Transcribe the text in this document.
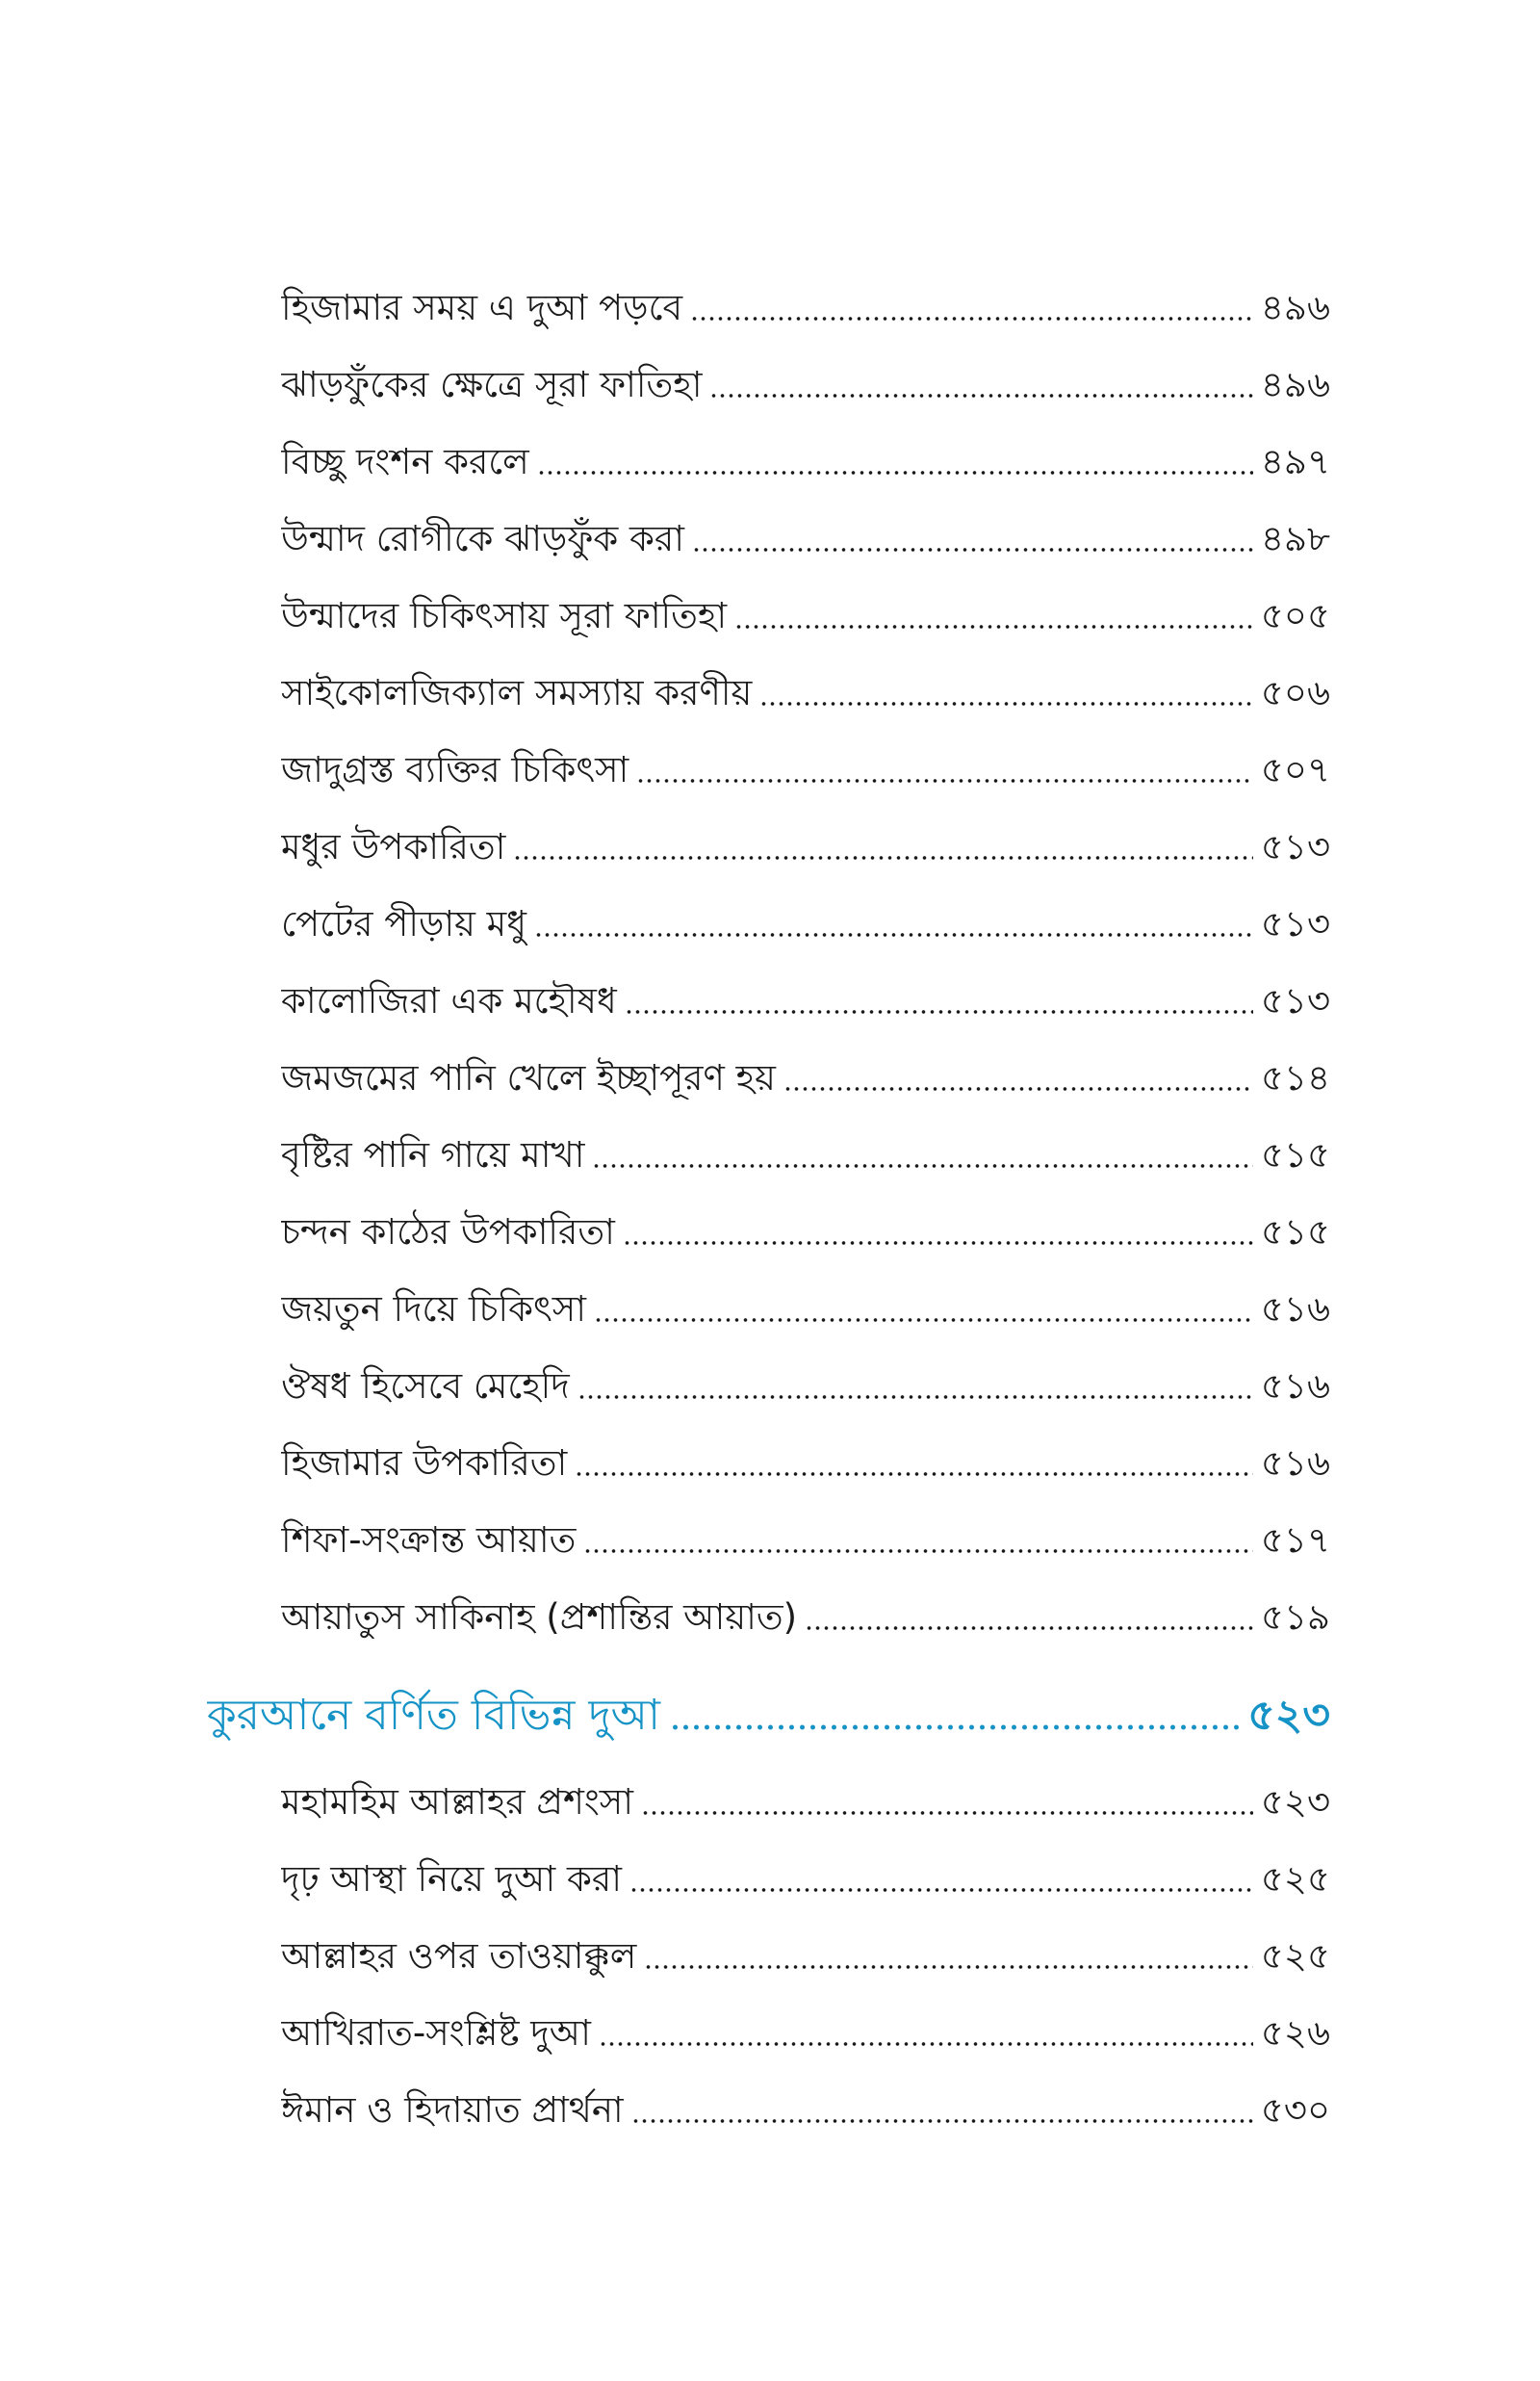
হিজামার সময় এ দুআ পড়বে	৪৯৬
ঝাড়ফুঁকের ক্ষেত্রে সূরা ফাতিহা	৪৯৬
বিচ্ছু দংশন করলে	৪৯৭
উন্মাদ রোগীকে ঝাড়ফুঁক করা	৪৯৮
উন্মাদের চিকিৎসায় সূরা ফাতিহা	৫০৫
সাইকোলজিক্যাল সমস্যায় করণীয়	৫০৬
জাদুগ্রস্ত ব্যক্তির চিকিৎসা	৫০৭
মধুর উপকারিতা	৫১৩
পেটের পীড়ায় মধু	৫১৩
কালোজিরা এক মহৌষধ	৫১৩
জমজমের পানি খেলে ইচ্ছাপূরণ হয়	৫১৪
বৃষ্টির পানি গায়ে মাখা	৫১৫
চন্দন কাঠের উপকারিতা	৫১৫
জয়তুন দিয়ে চিকিৎসা	৫১৬
ঔষধ হিসেবে মেহেদি	৫১৬
হিজামার উপকারিতা	৫১৬
শিফা-সংক্রান্ত আয়াত	৫১৭
আয়াতুস সাকিনাহ (প্রশান্তির আয়াত)	৫১৯
কুরআনে বর্ণিত বিভিন্ন দুআ	৫২৩
মহামহিম আল্লাহর প্রশংসা	৫২৩
দৃঢ় আস্থা নিয়ে দুআ করা	৫২৫
আল্লাহর ওপর তাওয়াক্কুল	৫২৫
আখিরাত-সংশ্লিষ্ট দুআ	৫২৬
ঈমান ও হিদায়াত প্রার্থনা	৫৩০
